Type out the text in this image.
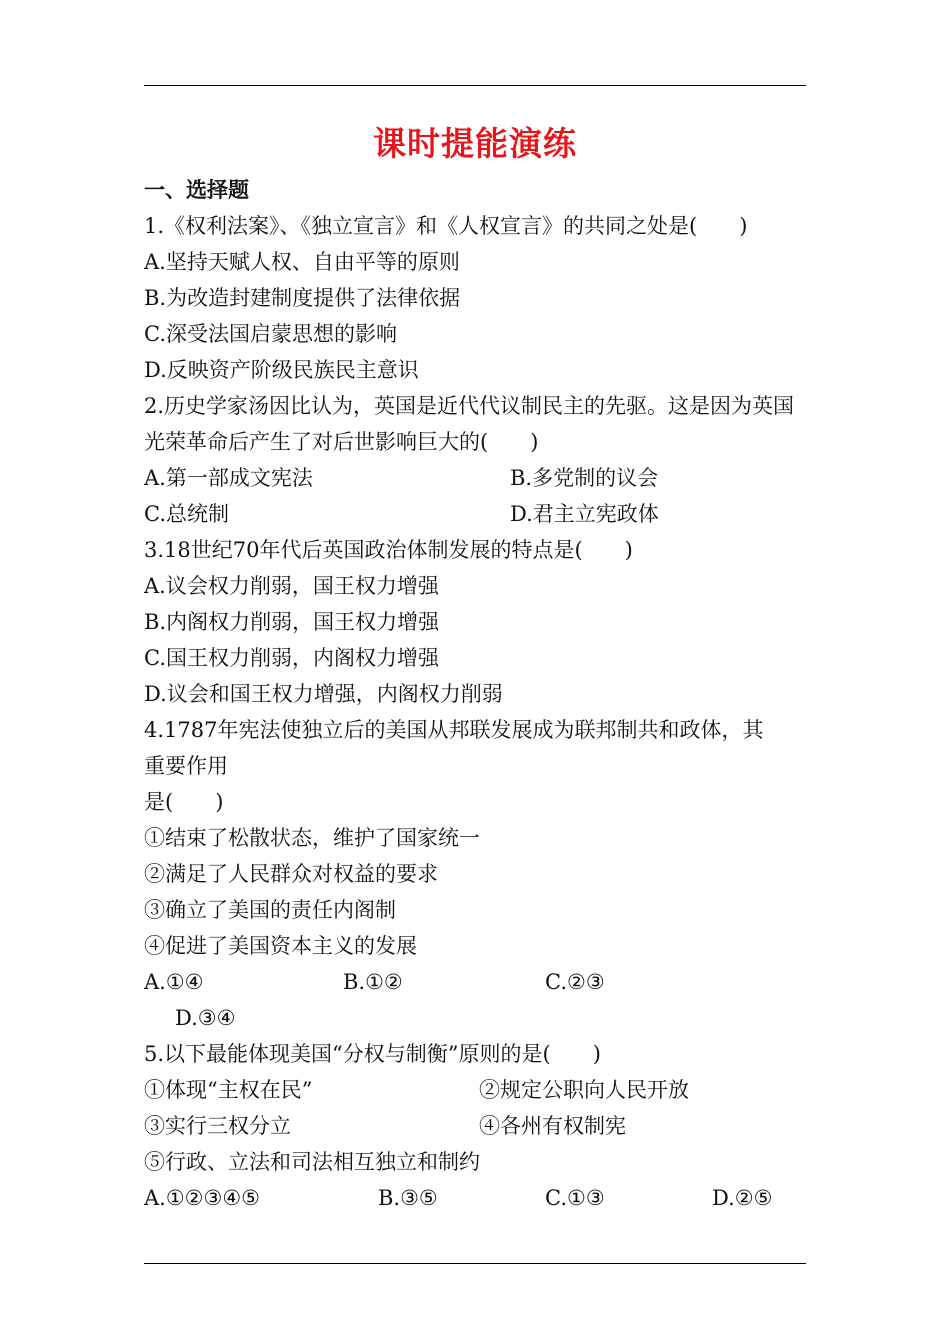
课时提能演练
一、选择题
1.《权利法案》、《独立宣言》和《人权宣言》的共同之处是(　　)
A.坚持天赋人权、自由平等的原则
B.为改造封建制度提供了法律依据
C.深受法国启蒙思想的影响
D.反映资产阶级民族民主意识
2.历史学家汤因比认为，英国是近代代议制民主的先驱。这是因为英国光荣革命后产生了对后世影响巨大的(　　)
A.第一部成文宪法	B.多党制的议会
C.总统制	D.君主立宪政体
3.18世纪70年代后英国政治体制发展的特点是(　　)
A.议会权力削弱，国王权力增强
B.内阁权力削弱，国王权力增强
C.国王权力削弱，内阁权力增强
D.议会和国王权力增强，内阁权力削弱
4.1787年宪法使独立后的美国从邦联发展成为联邦制共和政体，其
重要作用
是(　　)
①结束了松散状态，维护了国家统一
②满足了人民群众对权益的要求
③确立了美国的责任内阁制
④促进了美国资本主义的发展
A.①④	B.①②	C.②③
D.③④
5.以下最能体现美国“分权与制衡”原则的是(　　)
①体现“主权在民”	②规定公职向人民开放
③实行三权分立	④各州有权制宪
⑤行政、立法和司法相互独立和制约
A.①②③④⑤	B.③⑤	C.①③	D.②⑤
